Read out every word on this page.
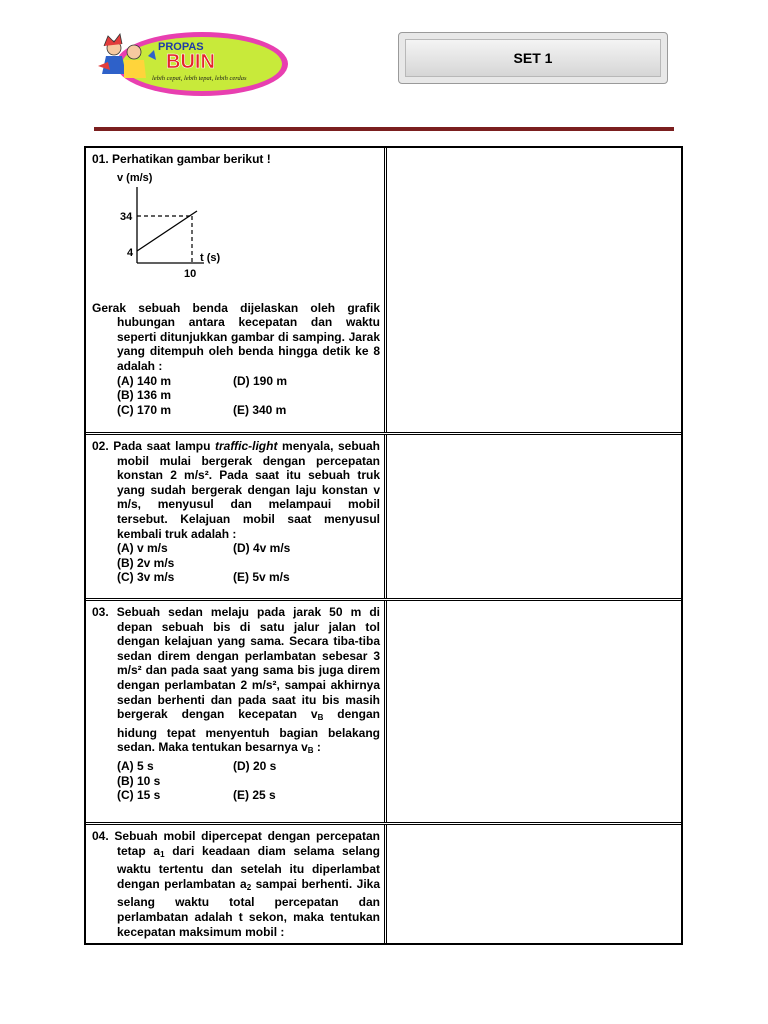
PROPAS
BUIN
lebih cepat, lebih tepat, lebih cerdas
SET 1

01. Perhatikan gambar berikut !

v (m/s)
34
4
10
t (s)

Gerak sebuah benda dijelaskan oleh grafik hubungan antara kecepatan dan waktu seperti ditunjukkan gambar di samping. Jarak yang ditempuh oleh benda hingga detik ke 8 adalah :

(A) 140 m	(D) 190 m
(B) 136 m
(C) 170 m	(E) 340 m

02. Pada saat lampu traffic-light menyala, sebuah mobil mulai bergerak dengan percepatan konstan 2 m/s². Pada saat itu sebuah truk yang sudah bergerak dengan laju konstan v m/s, menyusul dan melampaui mobil tersebut. Kelajuan mobil saat menyusul kembali truk adalah :

(A) v m/s	(D) 4v m/s
(B) 2v m/s
(C) 3v m/s	(E) 5v m/s

03. Sebuah sedan melaju pada jarak 50 m di depan sebuah bis di satu jalur jalan tol dengan kelajuan yang sama. Secara tiba-tiba sedan direm dengan perlambatan sebesar 3 m/s² dan pada saat yang sama bis juga direm dengan perlambatan 2 m/s², sampai akhirnya sedan berhenti dan pada saat itu bis masih bergerak dengan kecepatan $v_B$ dengan hidung tepat menyentuh bagian belakang sedan. Maka tentukan besarnya $v_B$ :

(A) 5 s	(D) 20 s
(B) 10 s
(C) 15 s	(E) 25 s

04. Sebuah mobil dipercepat dengan percepatan tetap $a_1$ dari keadaan diam selama selang waktu tertentu dan setelah itu diperlambat dengan perlambatan $a_2$ sampai berhenti. Jika selang waktu total percepatan dan perlambatan adalah t sekon, maka tentukan kecepatan maksimum mobil :
